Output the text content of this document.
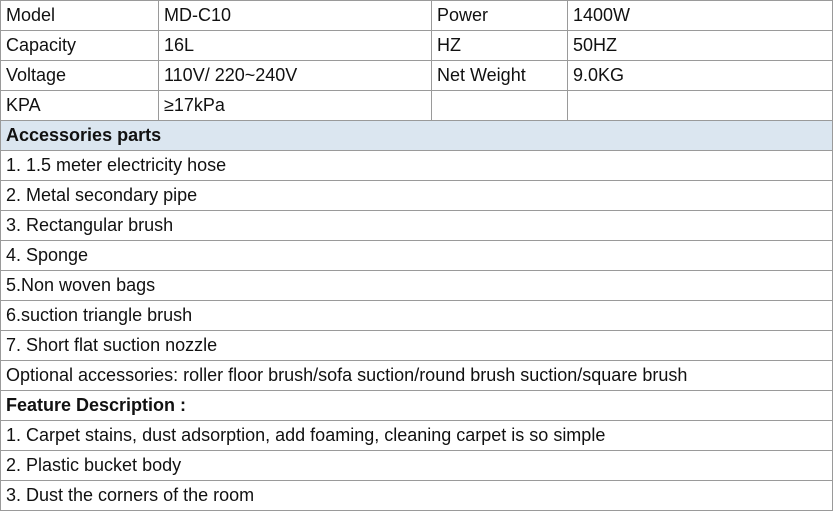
Model	MD-C10	Power	1400W
Capacity	16L	HZ	50HZ
Voltage	110V/ 220~240V	Net Weight	9.0KG
KPA	≥17kPa		
Accessories parts			
1. 1.5 meter electricity hose			
2. Metal secondary pipe			
3. Rectangular brush			
4. Sponge			
5.Non woven bags			
6.suction triangle brush			
7. Short flat suction nozzle			
Optional accessories: roller floor brush/sofa suction/round brush suction/square brush			
Feature Description :			
1. Carpet stains, dust adsorption, add foaming, cleaning carpet is so simple			
2. Plastic bucket body			
3. Dust the corners of the room			
